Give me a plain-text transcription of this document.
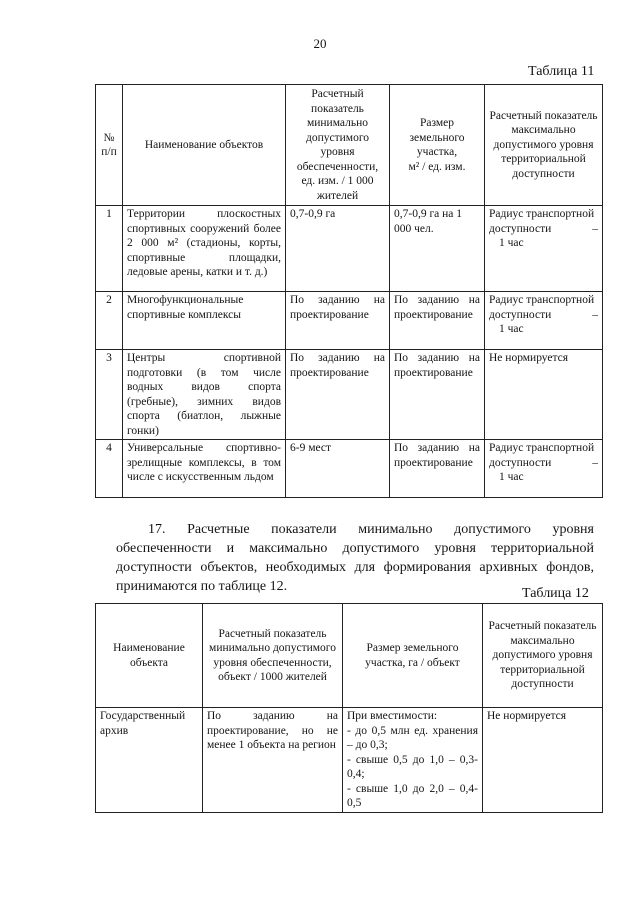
20
Таблица 11
№ п/п	Наименование объектов	Расчетный показатель минимально допустимого уровня обеспеченности, ед. изм. / 1 000 жителей	Размер земельного участка,
м² / ед. изм.	Расчетный показатель максимально допустимого уровня территориальной доступности
1	Территории плоскостных спортивных сооружений более 2 000 м² (стадионы, корты, спортивные площадки, ледовые арены, катки и т. д.)	0,7-0,9 га	0,7-0,9 га на 1 000 чел.	Радиус транспортной
доступности –
1 час

2	Многофункциональные спортивные комплексы	По заданию на проектирование	По заданию на проектирование	Радиус транспортной
доступности –
1 час

3	Центры спортивной подготовки (в том числе водных видов спорта (гребные), зимних видов спорта (биатлон, лыжные гонки)	По заданию на проектирование	По заданию на проектирование	Не нормируется
4	Универсальные спортивно-зрелищные комплексы, в том числе с искусственным льдом	6-9 мест	По заданию на проектирование	Радиус транспортной
доступности –
1 час
17. Расчетные показатели минимально допустимого уровня обеспеченности и максимально допустимого уровня территориальной доступности объектов, необходимых для формирования архивных фондов, принимаются по таблице 12.	Таблица 12
Наименование объекта	Расчетный показатель минимально допустимого уровня обеспеченности, объект / 1000 жителей	Размер земельного участка, га / объект	Расчетный показатель максимально допустимого уровня территориальной доступности
Государственный архив	По заданию на проектирование, но не менее 1 объекта на регион	При вместимости:
- до 0,5 млн ед. хранения – до 0,3;
- свыше 0,5 до 1,0 – 0,3-0,4;
- свыше 1,0 до 2,0 – 0,4-0,5	Не нормируется
